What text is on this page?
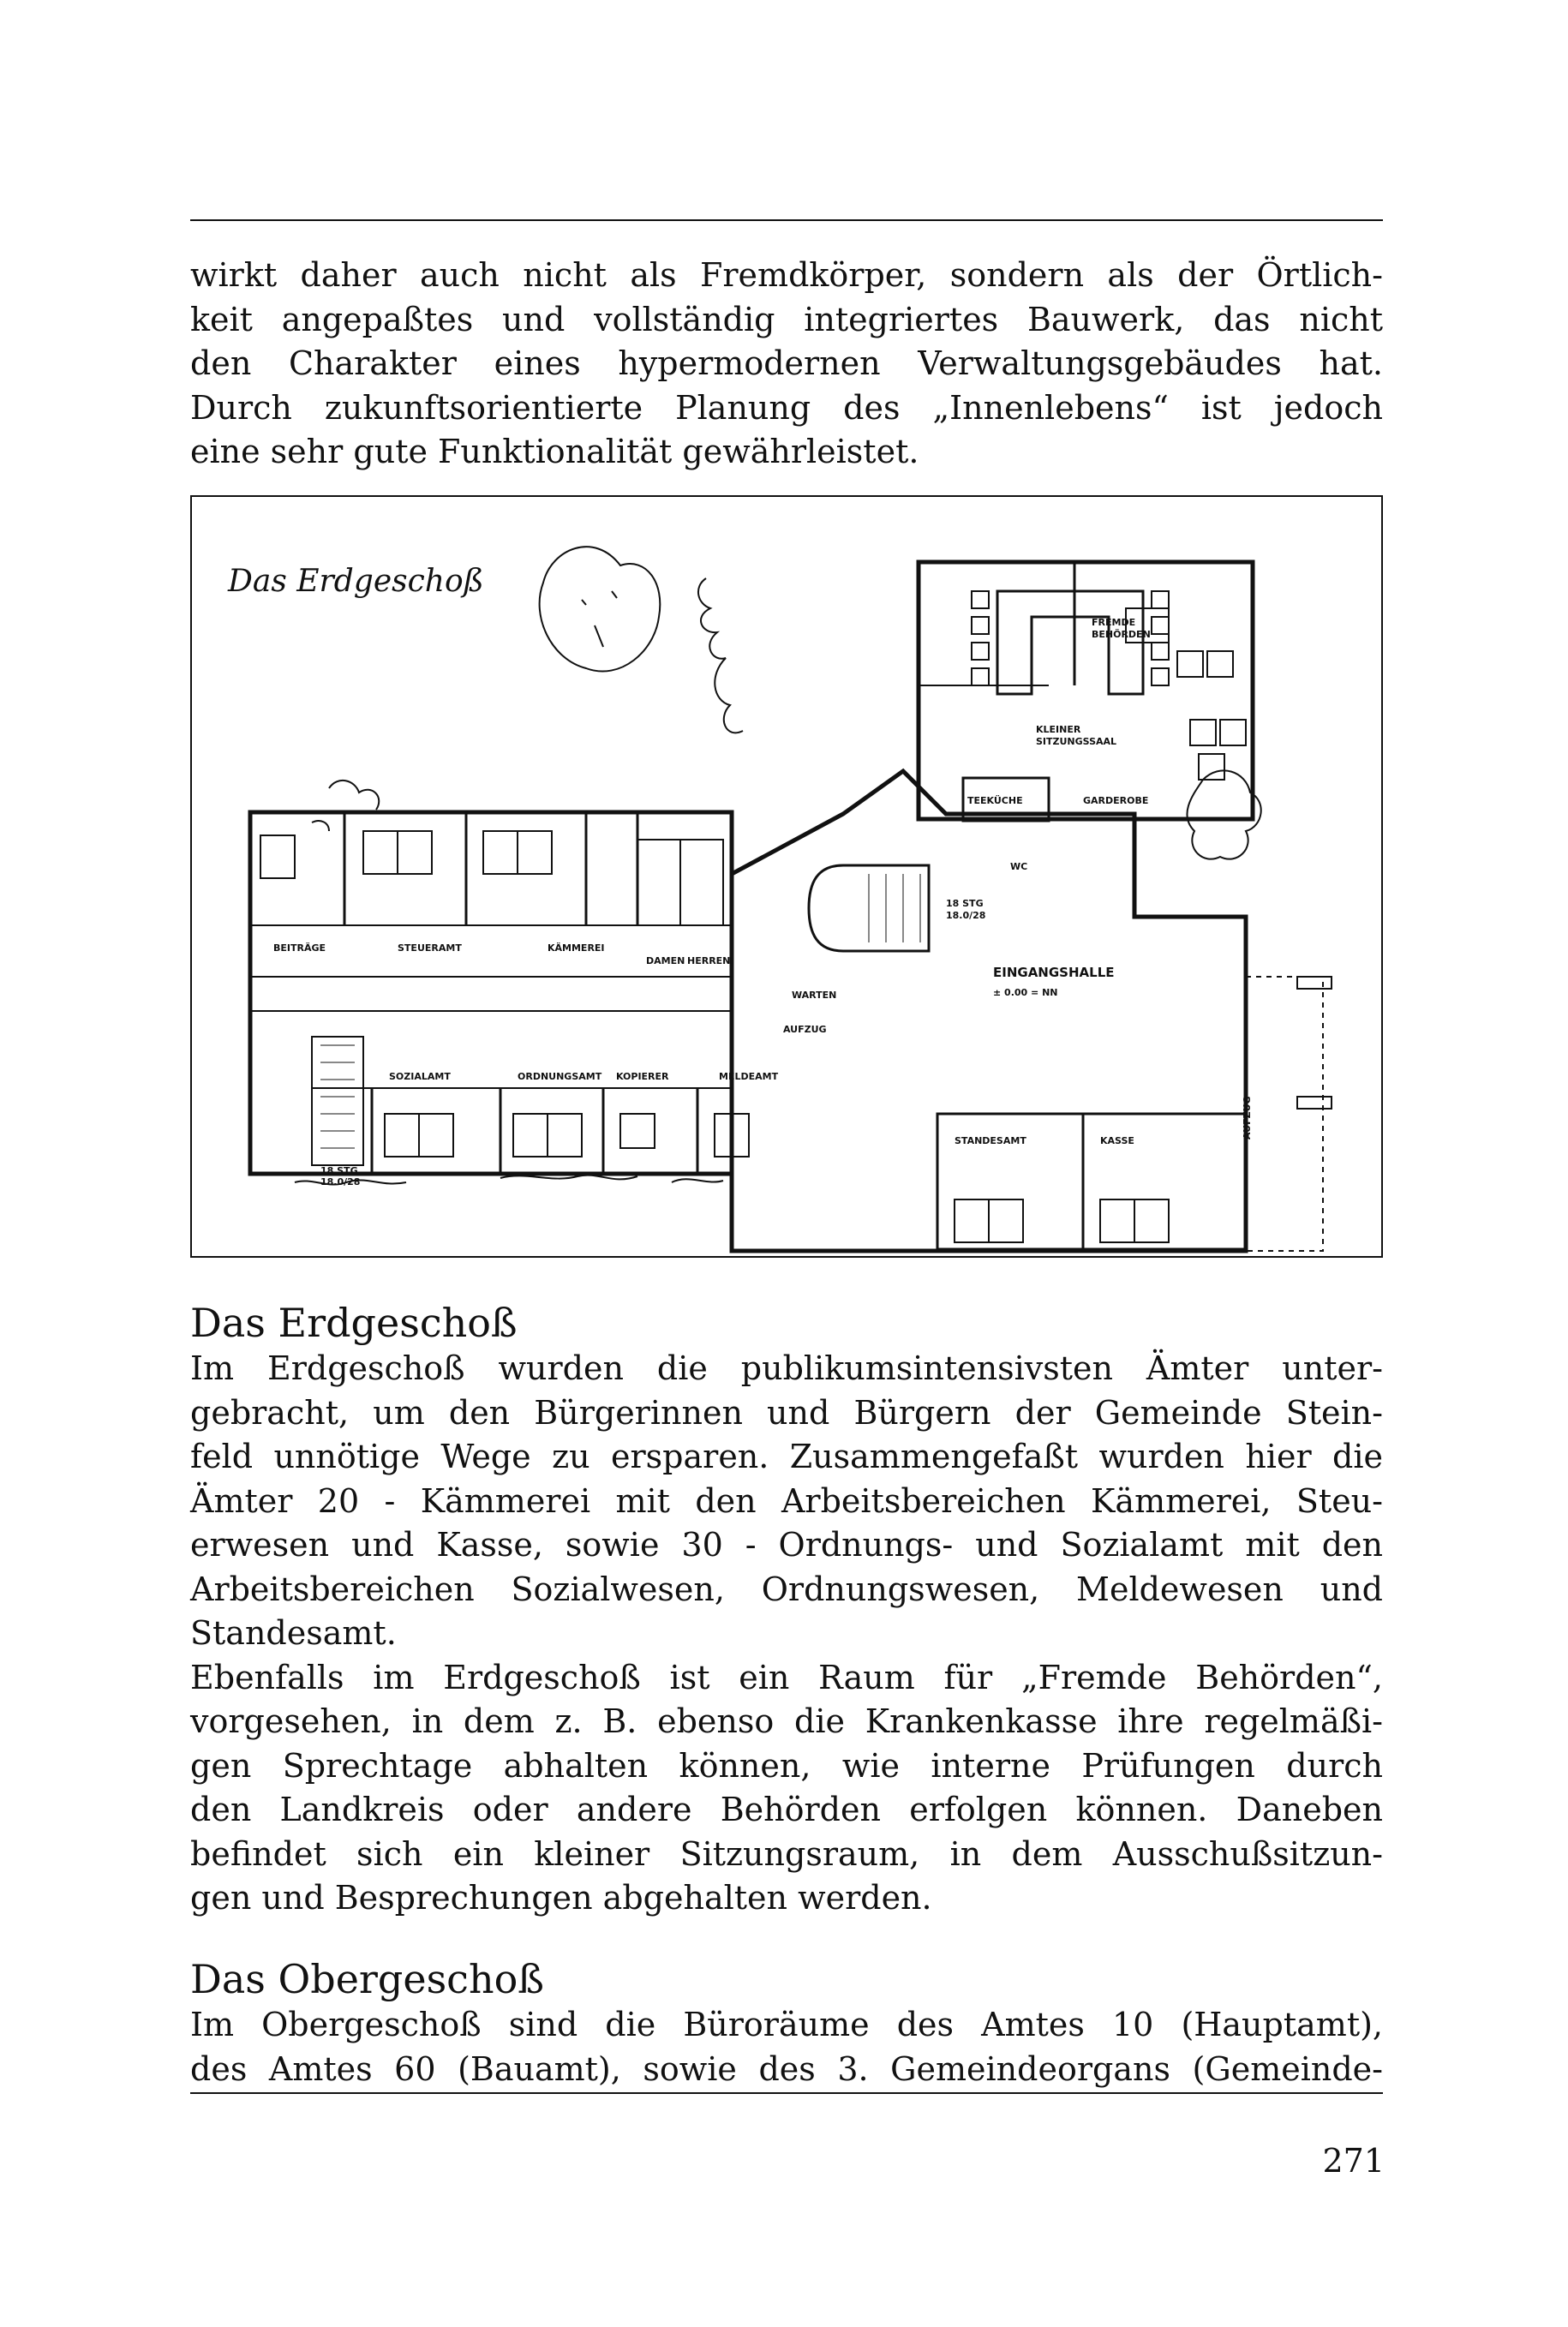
wirkt daher auch nicht als Fremdkörper, sondern als der Örtlich-
keit angepaßtes und vollständig integriertes Bauwerk, das nicht
den Charakter eines hypermodernen Verwaltungsgebäudes hat.
Durch zukunftsorientierte Planung des „Innenlebens“ ist jedoch
eine sehr gute Funktionalität gewährleistet.

Das Erdgeschoß
FREMDE
BEHÖRDEN
KLEINER
SITZUNGSSAAL
TEEKÜCHE	GARDEROBE
WC
BEITRÄGE	STEUERAMT	KÄMMEREI
DAMEN HERREN
WARTEN
18 STG
18.0/28
EINGANGSHALLE
± 0.00 = NN
AUFZUG
SOZIALAMT	ORDNUNGSAMT KOPIERER	MELDEAMT
STANDESAMT	KASSE
18 STG
18.0/28
AUFZUG
Das Erdgeschoß

Im Erdgeschoß wurden die publikumsintensivsten Ämter unter-
gebracht, um den Bürgerinnen und Bürgern der Gemeinde Stein-
feld unnötige Wege zu ersparen. Zusammengefaßt wurden hier die
Ämter 20 - Kämmerei mit den Arbeitsbereichen Kämmerei, Steu-
erwesen und Kasse, sowie 30 - Ordnungs- und Sozialamt mit den
Arbeitsbereichen Sozialwesen, Ordnungswesen, Meldewesen und
Standesamt.
Ebenfalls im Erdgeschoß ist ein Raum für „Fremde Behörden“,
vorgesehen, in dem z. B. ebenso die Krankenkasse ihre regelmäßi-
gen Sprechtage abhalten können, wie interne Prüfungen durch
den Landkreis oder andere Behörden erfolgen können. Daneben
befindet sich ein kleiner Sitzungsraum, in dem Ausschußsitzun-
gen und Besprechungen abgehalten werden.

Das Obergeschoß

Im Obergeschoß sind die Büroräume des Amtes 10 (Hauptamt),
des Amtes 60 (Bauamt), sowie des 3. Gemeindeorgans (Gemeinde-

271
